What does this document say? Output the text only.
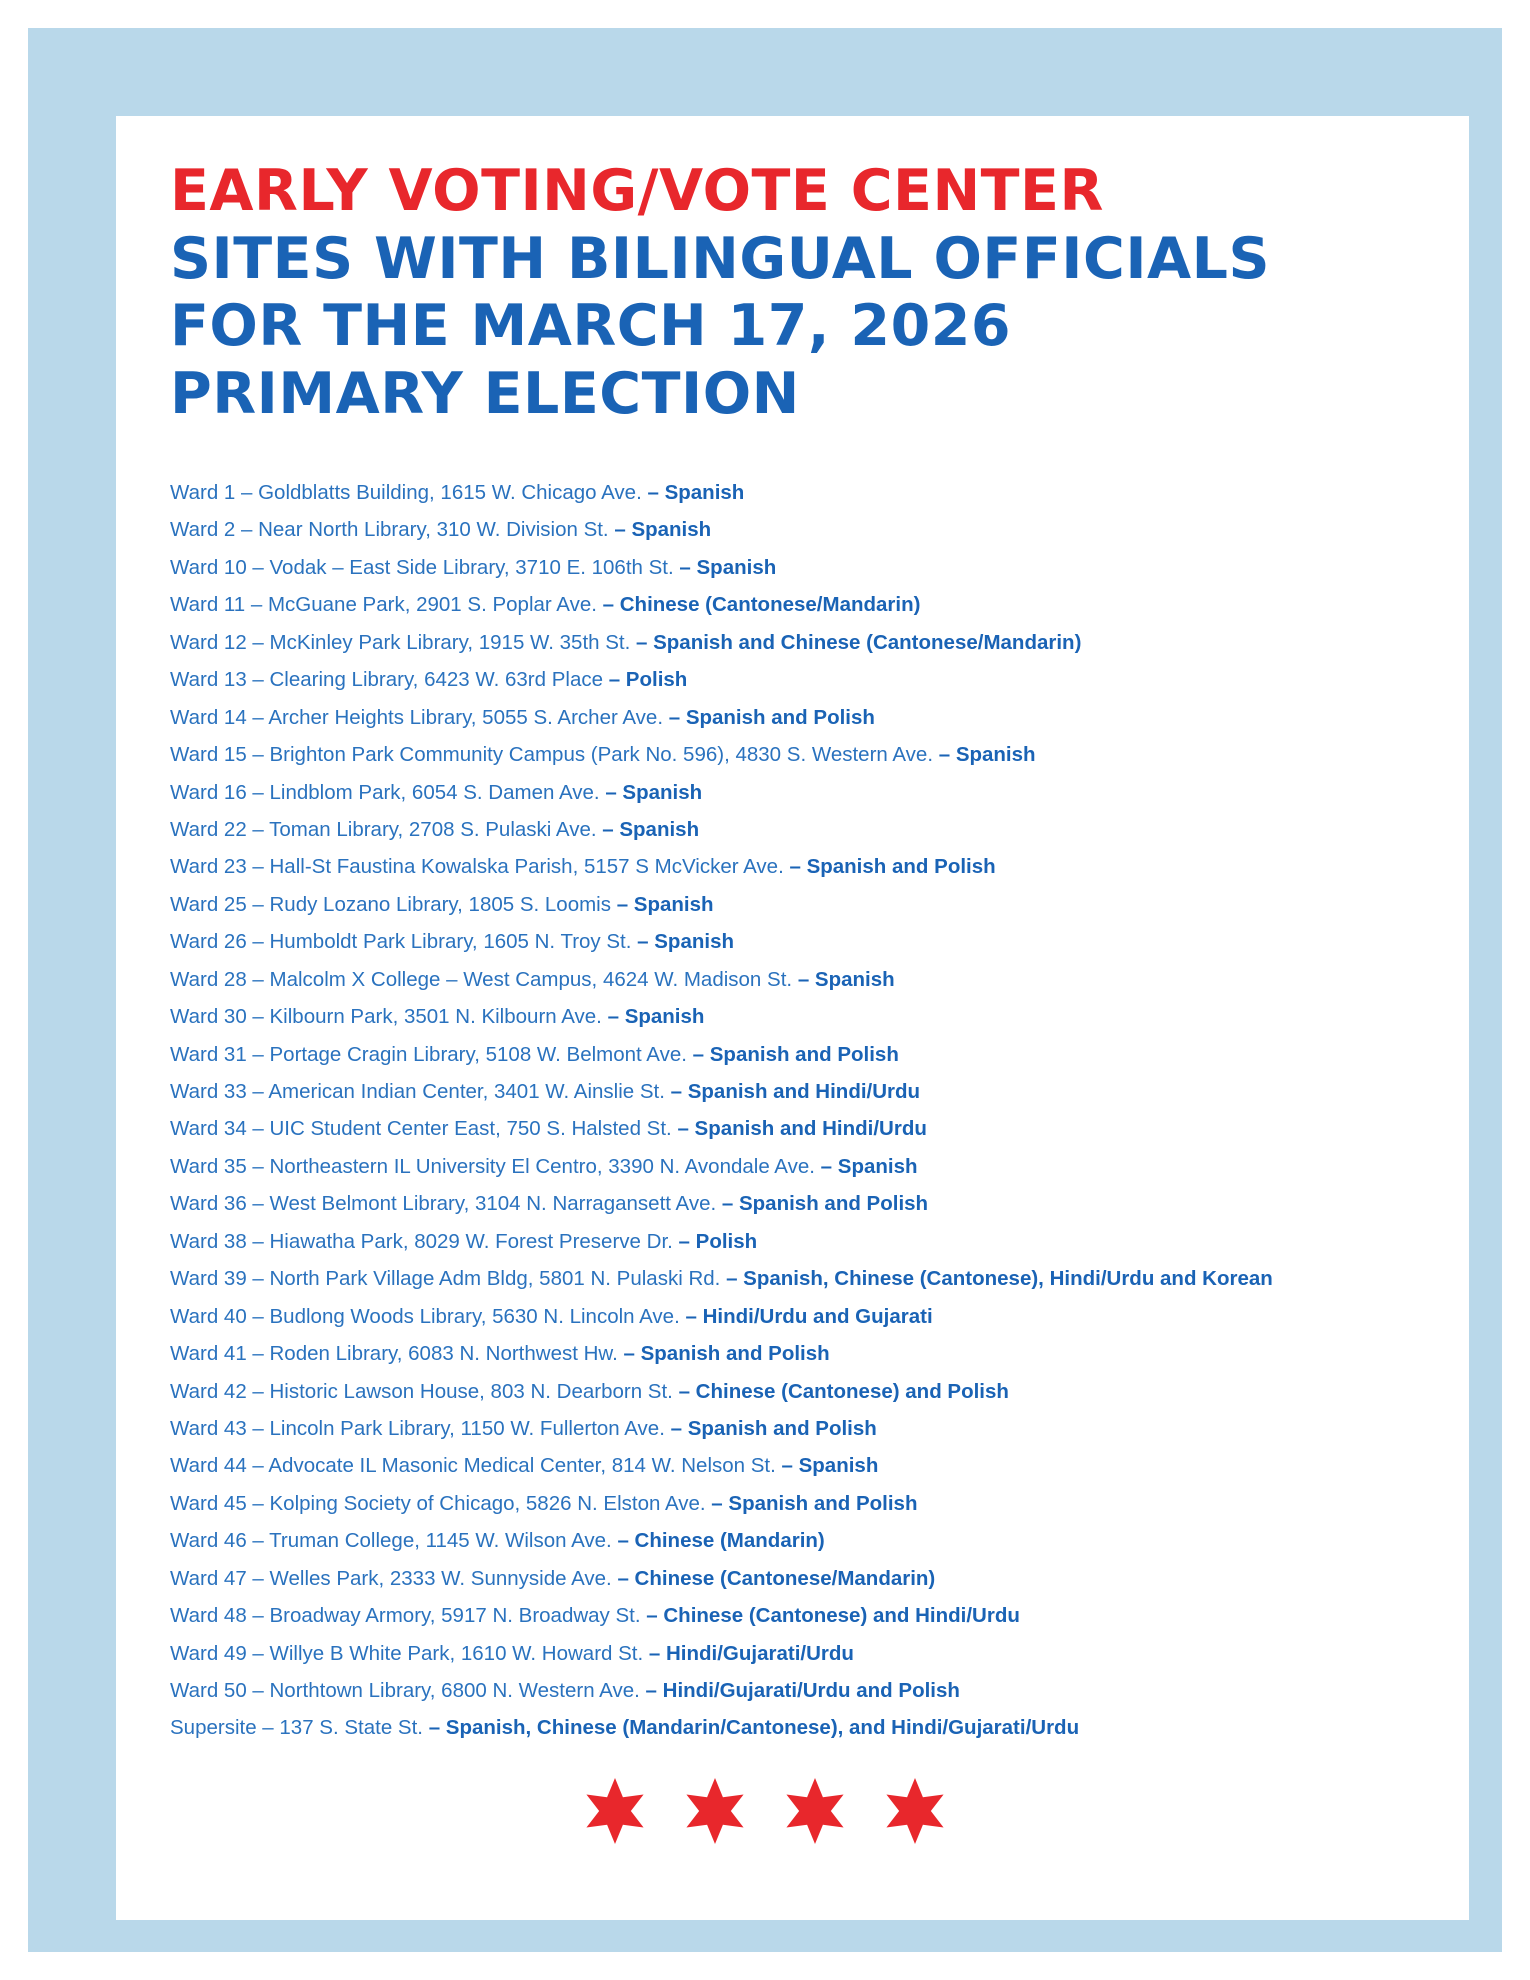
EARLY VOTING/VOTE CENTER
SITES WITH BILINGUAL OFFICIALS
FOR THE MARCH 17, 2026
PRIMARY ELECTION
Ward 1 – Goldblatts Building, 1615 W. Chicago Ave. – Spanish
Ward 2 – Near North Library, 310 W. Division St. – Spanish
Ward 10 – Vodak – East Side Library, 3710 E. 106th St. – Spanish
Ward 11 – McGuane Park, 2901 S. Poplar Ave. – Chinese (Cantonese/Mandarin)
Ward 12 – McKinley Park Library, 1915 W. 35th St. – Spanish and Chinese (Cantonese/Mandarin)
Ward 13 – Clearing Library, 6423 W. 63rd Place – Polish
Ward 14 – Archer Heights Library, 5055 S. Archer Ave. – Spanish and Polish
Ward 15 – Brighton Park Community Campus (Park No. 596), 4830 S. Western Ave. – Spanish
Ward 16 – Lindblom Park, 6054 S. Damen Ave. – Spanish
Ward 22 – Toman Library, 2708 S. Pulaski Ave. – Spanish
Ward 23 – Hall-St Faustina Kowalska Parish, 5157 S McVicker Ave. – Spanish and Polish
Ward 25 – Rudy Lozano Library, 1805 S. Loomis – Spanish
Ward 26 – Humboldt Park Library, 1605 N. Troy St. – Spanish
Ward 28 – Malcolm X College – West Campus, 4624 W. Madison St. – Spanish
Ward 30 – Kilbourn Park, 3501 N. Kilbourn Ave. – Spanish
Ward 31 – Portage Cragin Library, 5108 W. Belmont Ave. – Spanish and Polish
Ward 33 – American Indian Center, 3401 W. Ainslie St. – Spanish and Hindi/Urdu
Ward 34 – UIC Student Center East, 750 S. Halsted St. – Spanish and Hindi/Urdu
Ward 35 – Northeastern IL University El Centro, 3390 N. Avondale Ave. – Spanish
Ward 36 – West Belmont Library, 3104 N. Narragansett Ave. – Spanish and Polish
Ward 38 – Hiawatha Park, 8029 W. Forest Preserve Dr. – Polish
Ward 39 – North Park Village Adm Bldg, 5801 N. Pulaski Rd. – Spanish, Chinese (Cantonese), Hindi/Urdu and Korean
Ward 40 – Budlong Woods Library, 5630 N. Lincoln Ave. – Hindi/Urdu and Gujarati
Ward 41 – Roden Library, 6083 N. Northwest Hw. – Spanish and Polish
Ward 42 – Historic Lawson House, 803 N. Dearborn St. – Chinese (Cantonese) and Polish
Ward 43 – Lincoln Park Library, 1150 W. Fullerton Ave. – Spanish and Polish
Ward 44 – Advocate IL Masonic Medical Center, 814 W. Nelson St. – Spanish
Ward 45 – Kolping Society of Chicago, 5826 N. Elston Ave. – Spanish and Polish
Ward 46 – Truman College, 1145 W. Wilson Ave. – Chinese (Mandarin)
Ward 47 – Welles Park, 2333 W. Sunnyside Ave. – Chinese (Cantonese/Mandarin)
Ward 48 – Broadway Armory, 5917 N. Broadway St. – Chinese (Cantonese) and Hindi/Urdu
Ward 49 – Willye B White Park, 1610 W. Howard St. – Hindi/Gujarati/Urdu
Ward 50 – Northtown Library, 6800 N. Western Ave. – Hindi/Gujarati/Urdu and Polish
Supersite – 137 S. State St. – Spanish, Chinese (Mandarin/Cantonese), and Hindi/Gujarati/Urdu
